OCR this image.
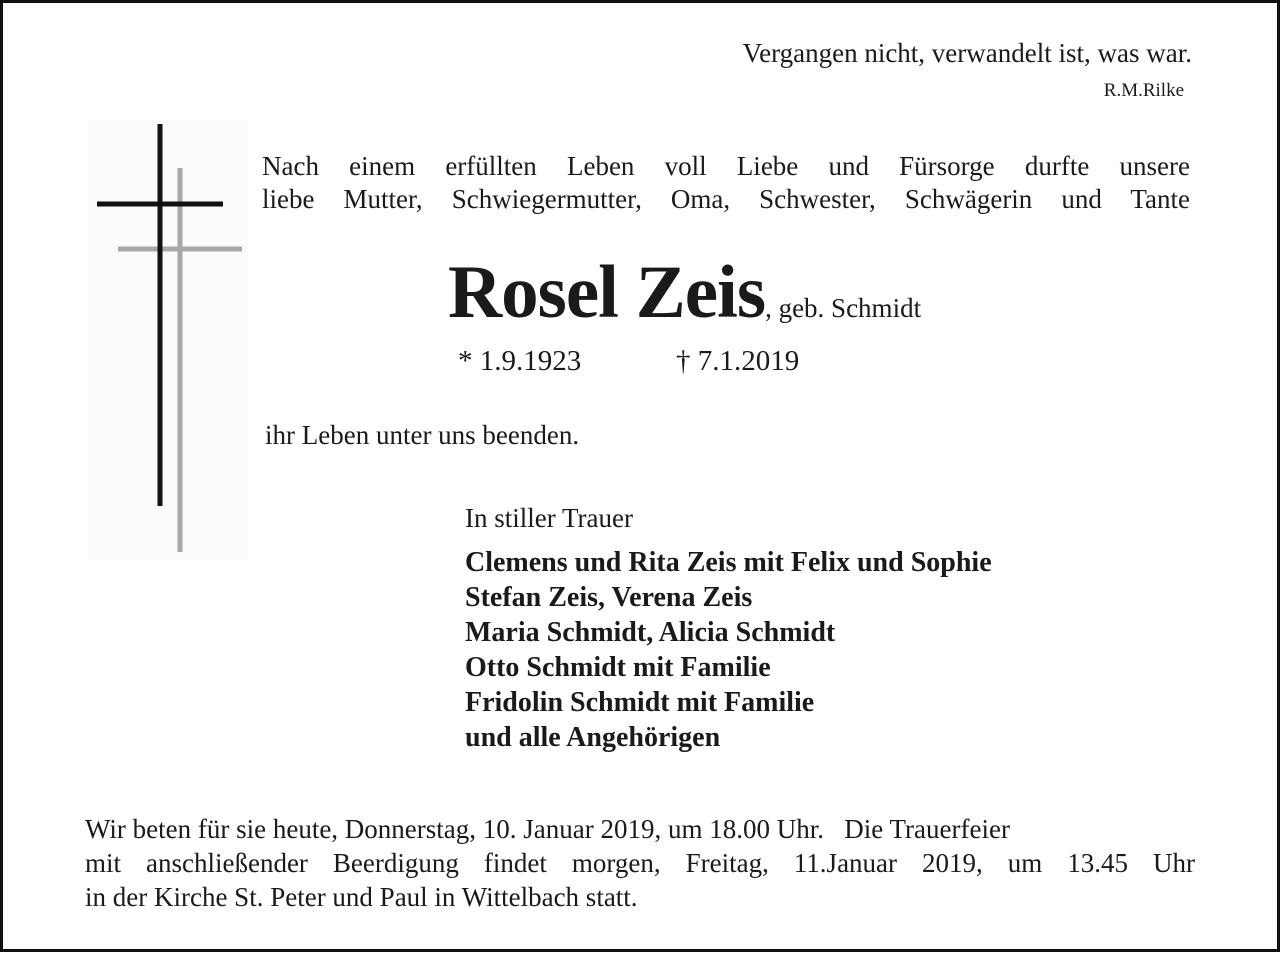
Vergangen nicht, verwandelt ist, was war.
R.M.Rilke
Nach einem erfüllten Leben voll Liebe und Fürsorge durfte unsere
liebe Mutter, Schwiegermutter, Oma, Schwester, Schwägerin und Tante
Rosel Zeis, geb. Schmidt
* 1.9.1923	† 7.1.2019
ihr Leben unter uns beenden.
In stiller Trauer
Clemens und Rita Zeis mit Felix und Sophie
Stefan Zeis, Verena Zeis
Maria Schmidt, Alicia Schmidt
Otto Schmidt mit Familie
Fridolin Schmidt mit Familie
und alle Angehörigen

Wir beten für sie heute, Donnerstag, 10. Januar 2019, um 18.00 Uhr.   Die Trauerfeier

mit anschließender Beerdigung findet morgen, Freitag, 11.Januar 2019, um 13.45 Uhr

in der Kirche St. Peter und Paul in Wittelbach statt.
